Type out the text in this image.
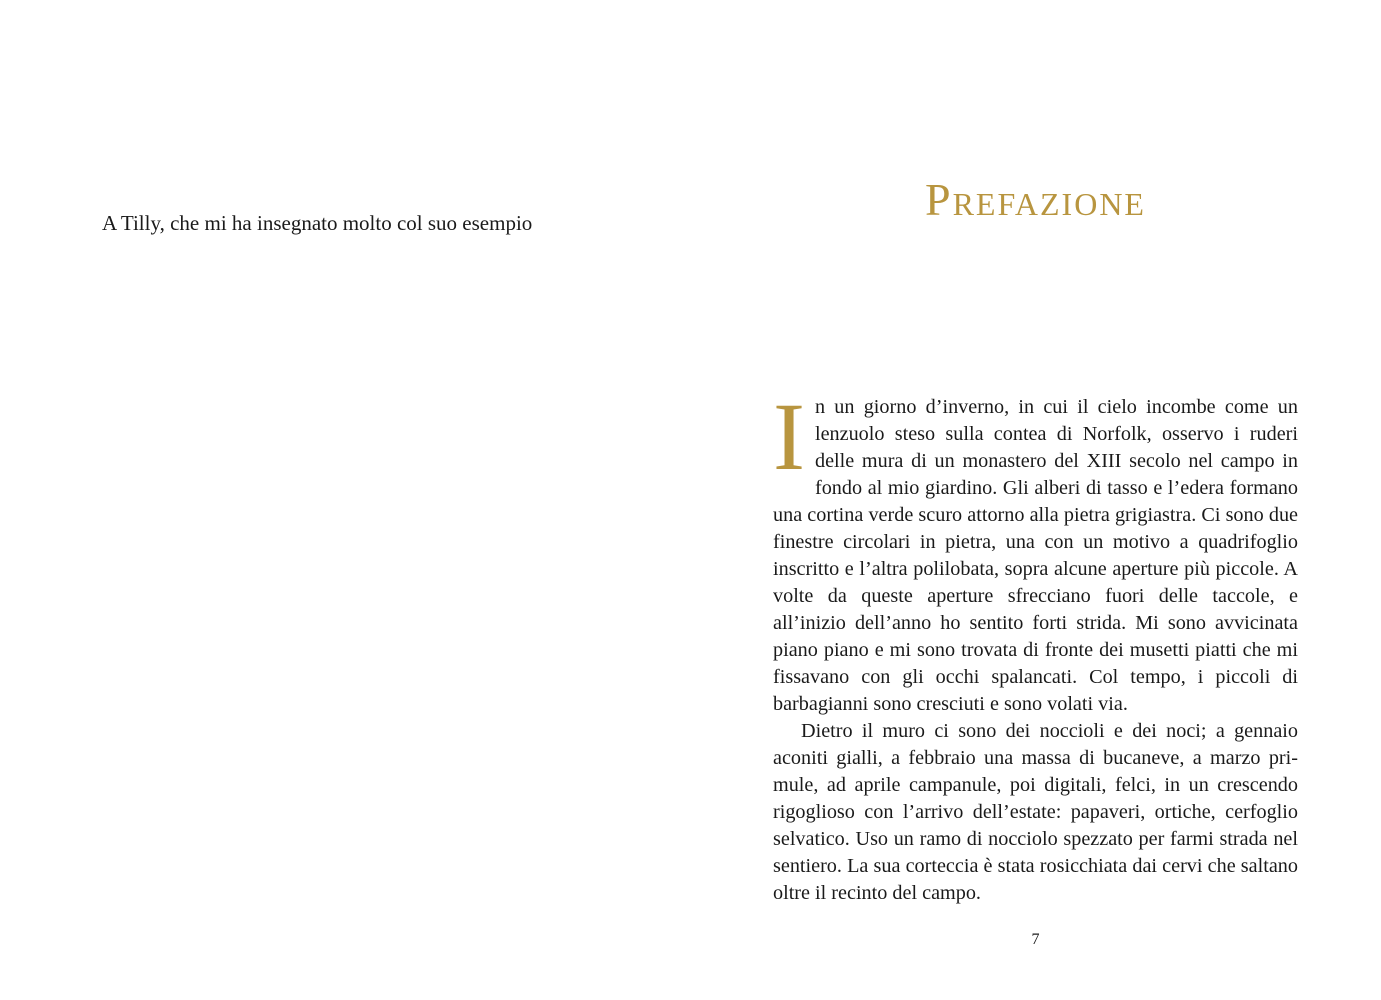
A Tilly, che mi ha insegnato molto col suo esempio	Prefazione

In un giorno d’inverno, in cui il cielo incombe come un lenzuolo steso sulla contea di Norfolk, osservo i ruderi delle mura di un monastero del XIII secolo nel campo in fondo al mio giardino. Gli alberi di tasso e l’edera formano una cortina verde scuro attorno alla pietra grigiastra. Ci sono due finestre circolari in pietra, una con un motivo a quadrifoglio inscritto e l’altra polilobata, sopra alcune aperture più piccole. A volte da queste aperture sfrecciano fuori delle taccole, e all’inizio dell’anno ho sentito forti strida. Mi sono avvicinata piano piano e mi sono trovata di fronte dei musetti piatti che mi fissavano con gli occhi spalancati. Col tempo, i piccoli di barbagianni sono cresciuti e sono volati via.

Dietro il muro ci sono dei noccioli e dei noci; a gennaio aconiti gialli, a febbraio una massa di bucaneve, a marzo primule, ad aprile campanule, poi digitali, felci, in un crescendo rigoglioso con l’arrivo dell’estate: papaveri, ortiche, cerfoglio selvatico. Uso un ramo di nocciolo spezzato per farmi strada nel sentiero. La sua corteccia è stata rosicchiata dai cervi che saltano oltre il recinto del campo.

7
